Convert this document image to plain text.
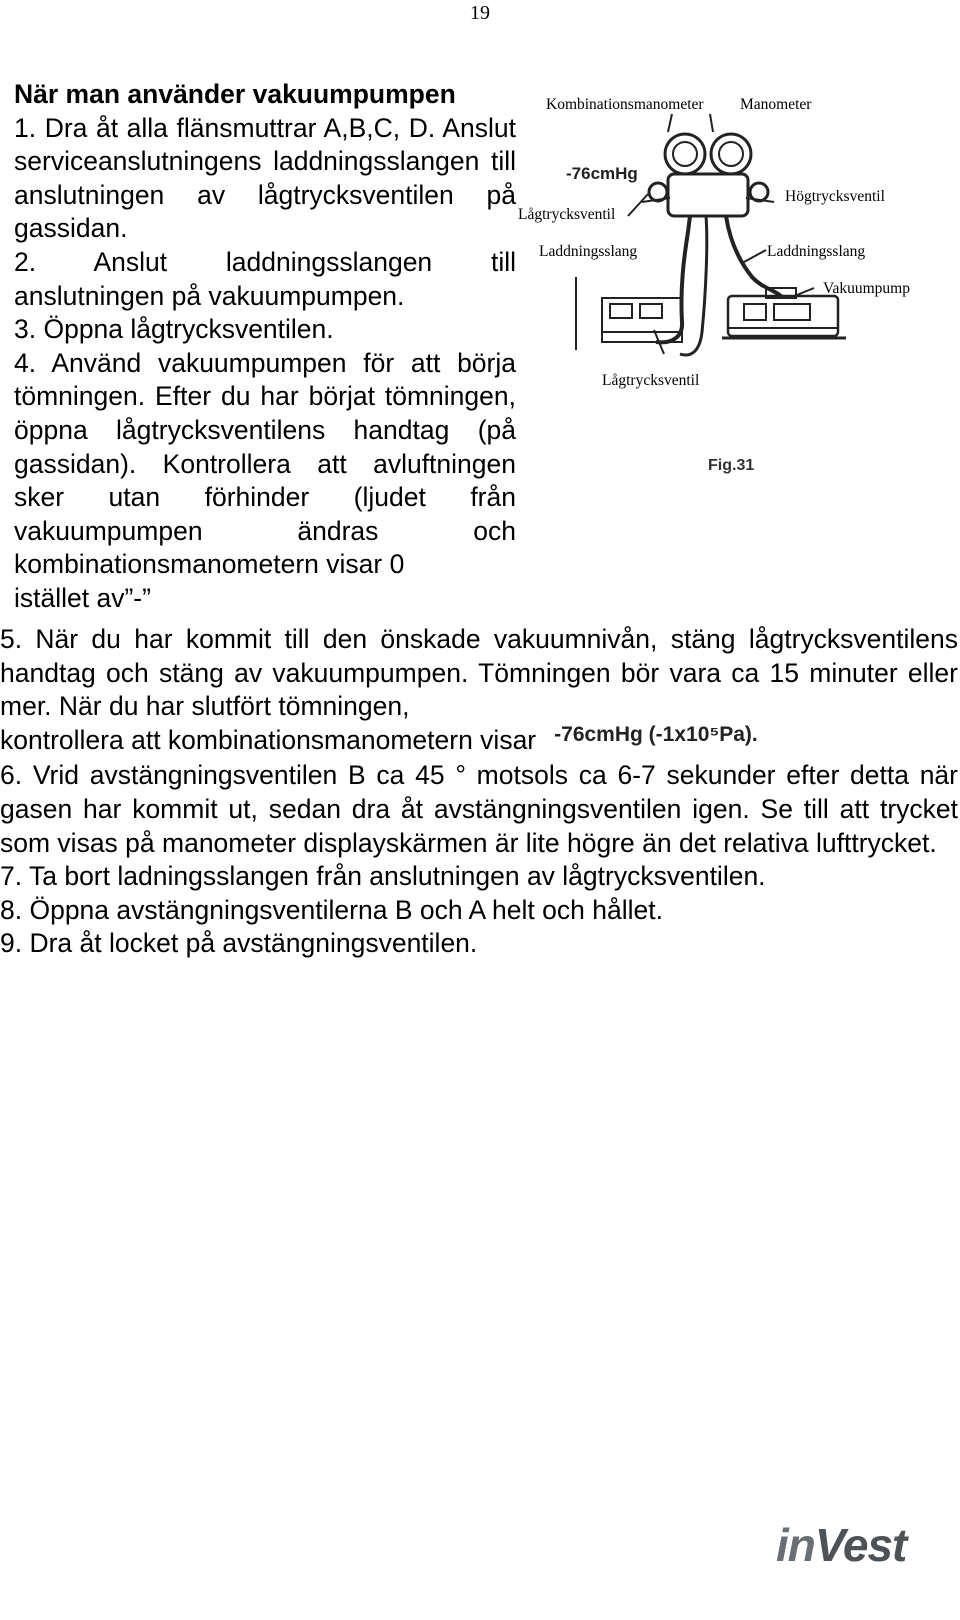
19

När man använder vakuumpumpen

1. Dra åt alla flänsmuttrar A,B,C, D. Anslut serviceanslutningens laddningsslangen till anslutningen av lågtrycksventilen på gassidan.

2. Anslut laddningsslangen till anslutningen på vakuumpumpen.

3. Öppna lågtrycksventilen.

4. Använd vakuumpumpen för att börja tömningen. Efter du har börjat tömningen, öppna lågtrycksventilens handtag (på gassidan). Kontrollera att avluftningen sker utan förhinder (ljudet från vakuumpumpen ändras och kombinationsmanometern visar 0

istället av”-”

Kombinationsmanometer Manometer
-76cmHg
Högtrycksventil
Lågtrycksventil
Laddningsslang	Laddningsslang
Vakuumpump
Lågtrycksventil
Fig.31

5. När du har kommit till den önskade vakuumnivån, stäng lågtrycksventilens handtag och stäng av vakuumpumpen. Tömningen bör vara ca 15 minuter eller mer. När du har slutfört tömningen,

kontrollera att kombinationsmanometern visar $^{-76cmHg (-1x10^5Pa).}$

6. Vrid avstängningsventilen B ca 45 ° motsols ca 6-7 sekunder efter detta när gasen har kommit ut, sedan dra åt avstängningsventilen igen. Se till att trycket som visas på manometer displayskärmen är lite högre än det relativa lufttrycket.

7. Ta bort ladningsslangen från anslutningen av lågtrycksventilen.

8. Öppna avstängningsventilerna B och A helt och hållet.

9. Dra åt locket på avstängningsventilen.

inVest
